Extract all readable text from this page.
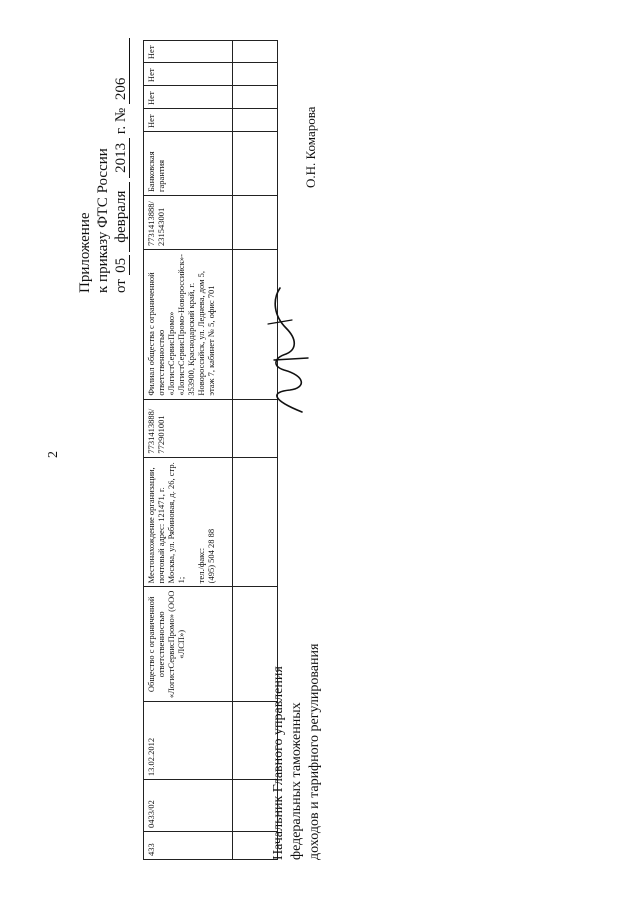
2
Приложение к приказу ФТС России от 05 февраля 2013 г. № 206
433	0433/02	13.02.2012	Общество с ограниченной ответственностью «ЛогистСервисПромо» (ООО «ЛСП»)	Местонахождение организации, почтовый адрес: 121471, г. Москва, ул. Рябиновая, д. 26, стр. 1; тел./факс:
(495) 504 28 88	7731413888/ 772901001	Филиал общества с ограниченной ответственностью «ЛогистСервисПромо» «ЛогистСервисПромо-Новороссийск»- 353900, Краснодарский край, г. Новороссийск, ул. Леднева, дом 5, этаж 7, кабинет № 5, офис 701	7731413888/ 231543001	Банковская гарантия	Нет	Нет	Нет	Нет

Начальник Главного управления федеральных таможенных доходов и тарифного регулирования
О.Н. Комарова
